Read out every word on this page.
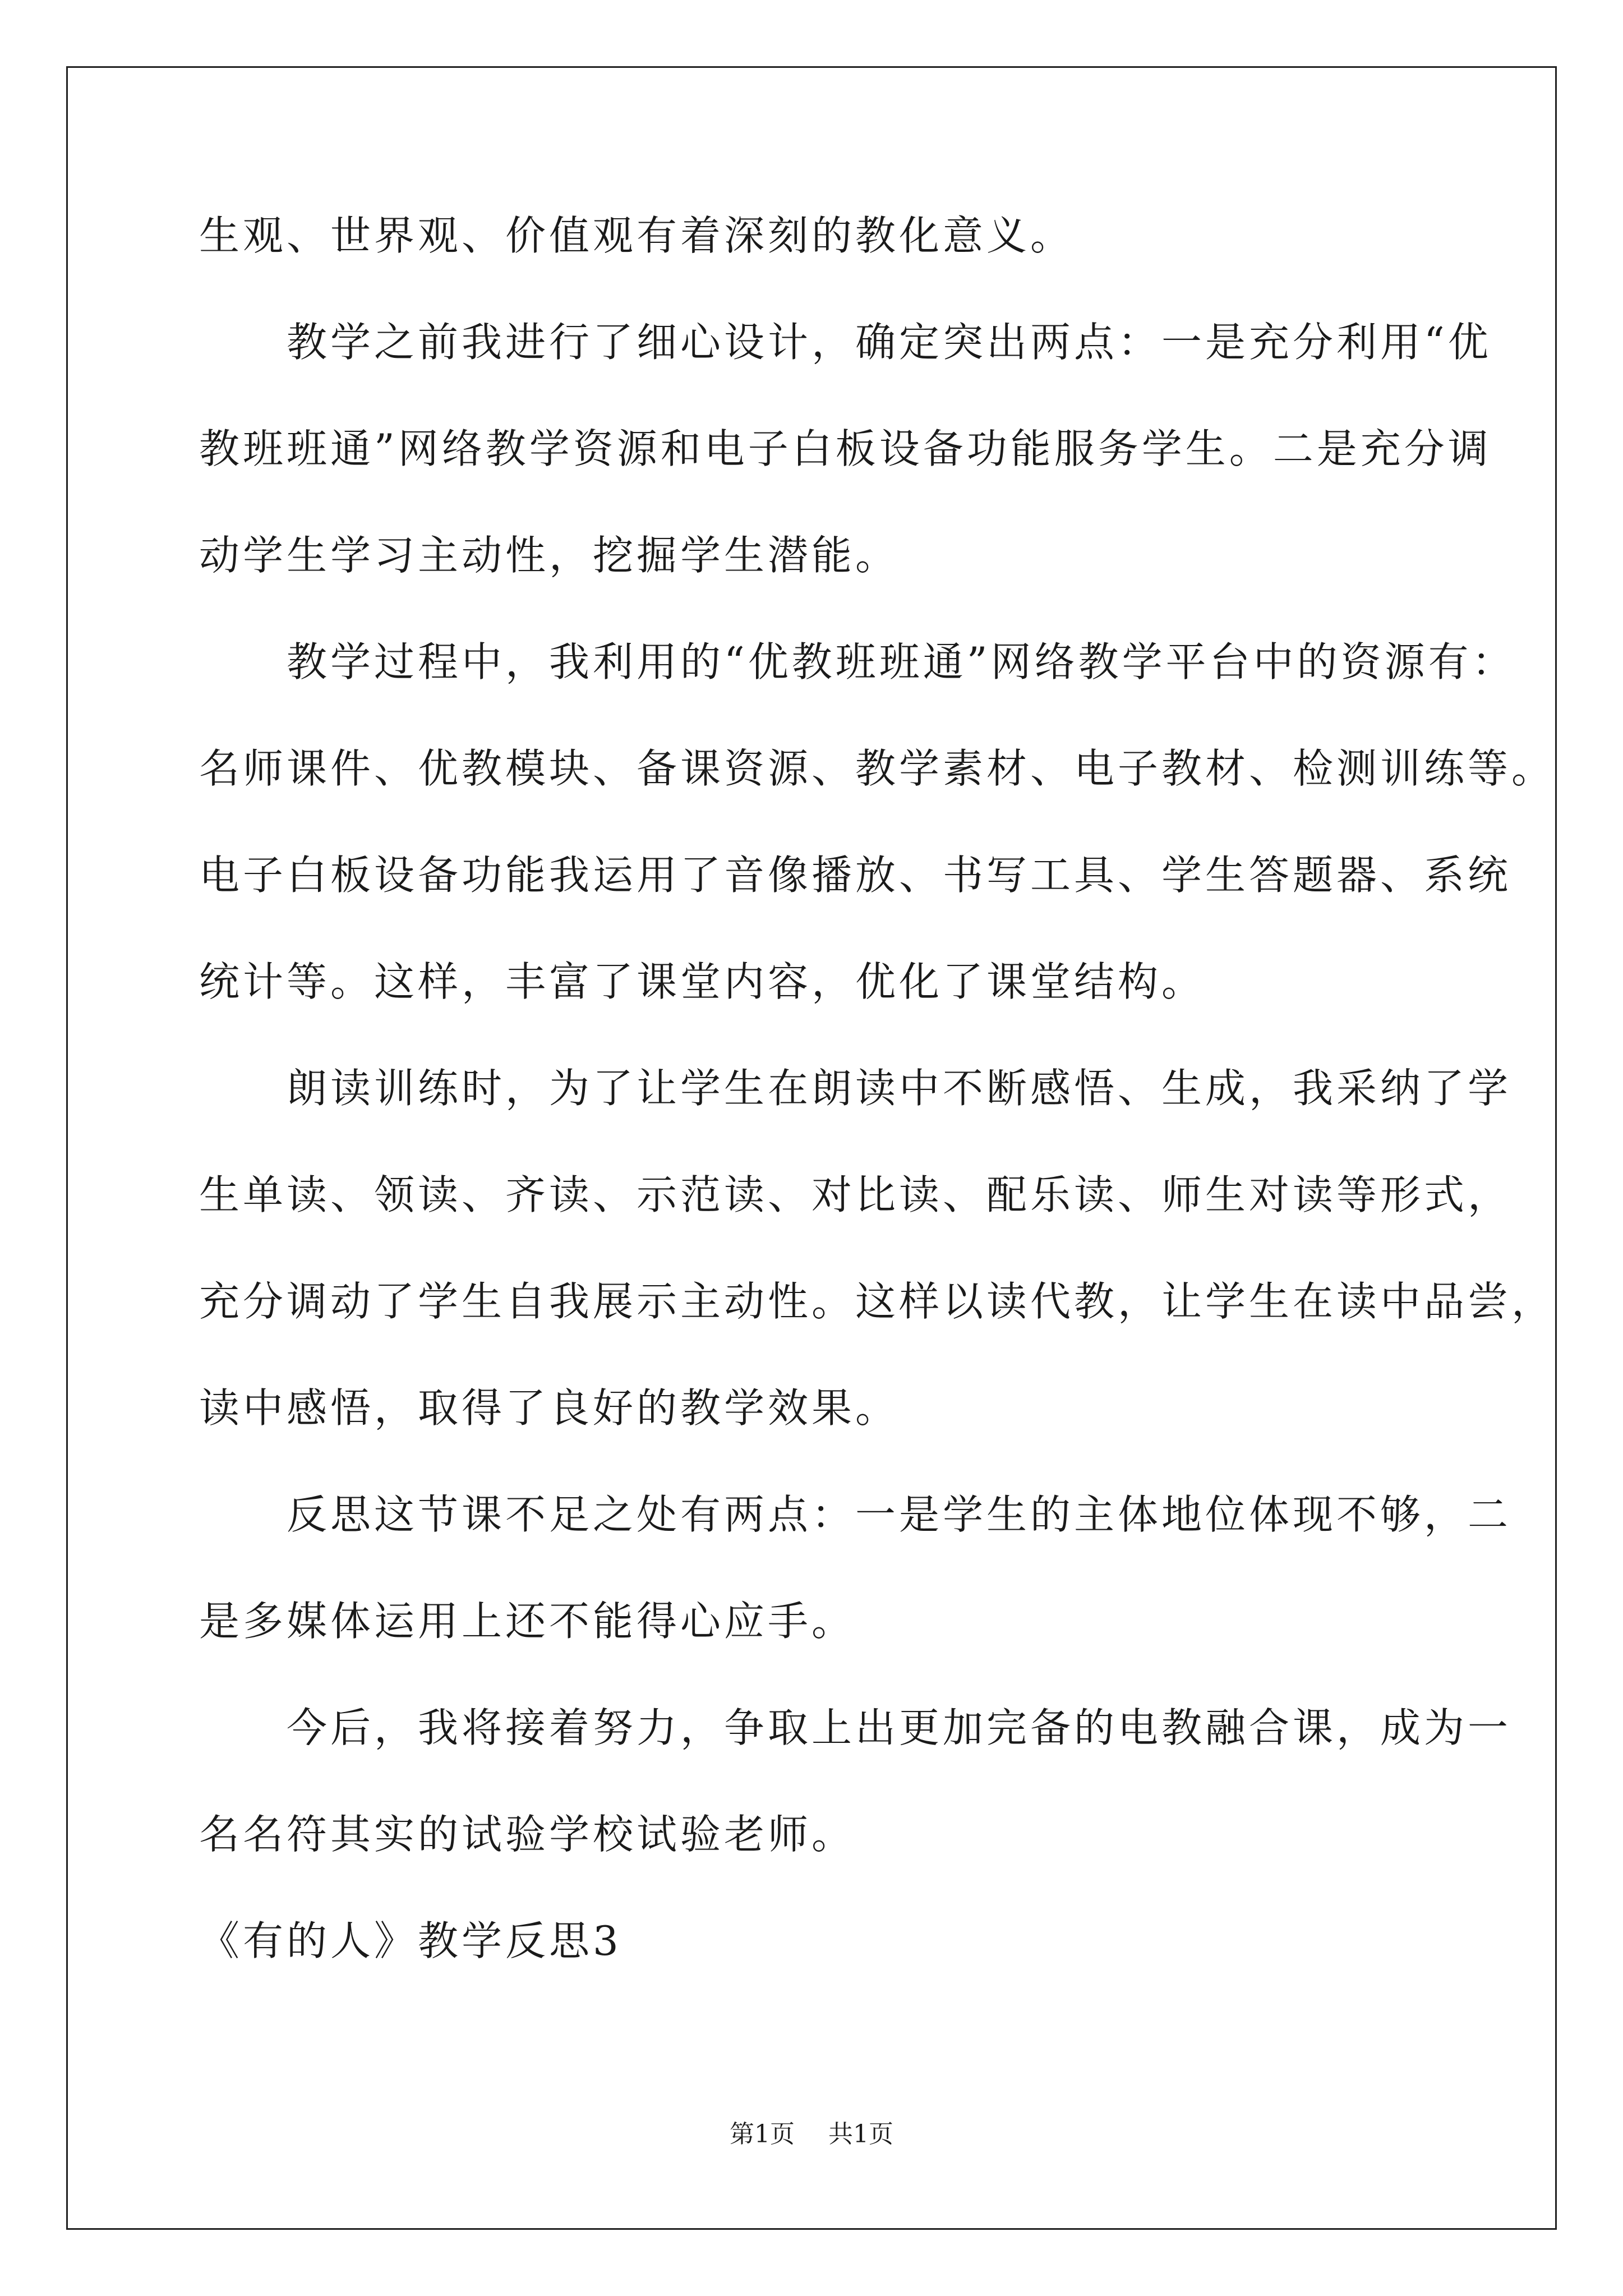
生观、世界观、价值观有着深刻的教化意义。
　　教学之前我进行了细心设计，确定突出两点：一是充分利用“优
教班班通”网络教学资源和电子白板设备功能服务学生。二是充分调
动学生学习主动性，挖掘学生潜能。
　　教学过程中，我利用的“优教班班通”网络教学平台中的资源有：
名师课件、优教模块、备课资源、教学素材、电子教材、检测训练等。
电子白板设备功能我运用了音像播放、书写工具、学生答题器、系统
统计等。这样，丰富了课堂内容，优化了课堂结构。
　　朗读训练时，为了让学生在朗读中不断感悟、生成，我采纳了学
生单读、领读、齐读、示范读、对比读、配乐读、师生对读等形式，
充分调动了学生自我展示主动性。这样以读代教，让学生在读中品尝，
读中感悟，取得了良好的教学效果。
　　反思这节课不足之处有两点：一是学生的主体地位体现不够，二
是多媒体运用上还不能得心应手。
　　今后，我将接着努力，争取上出更加完备的电教融合课，成为一
名名符其实的试验学校试验老师。
《有的人》教学反思3
第1页 共1页
